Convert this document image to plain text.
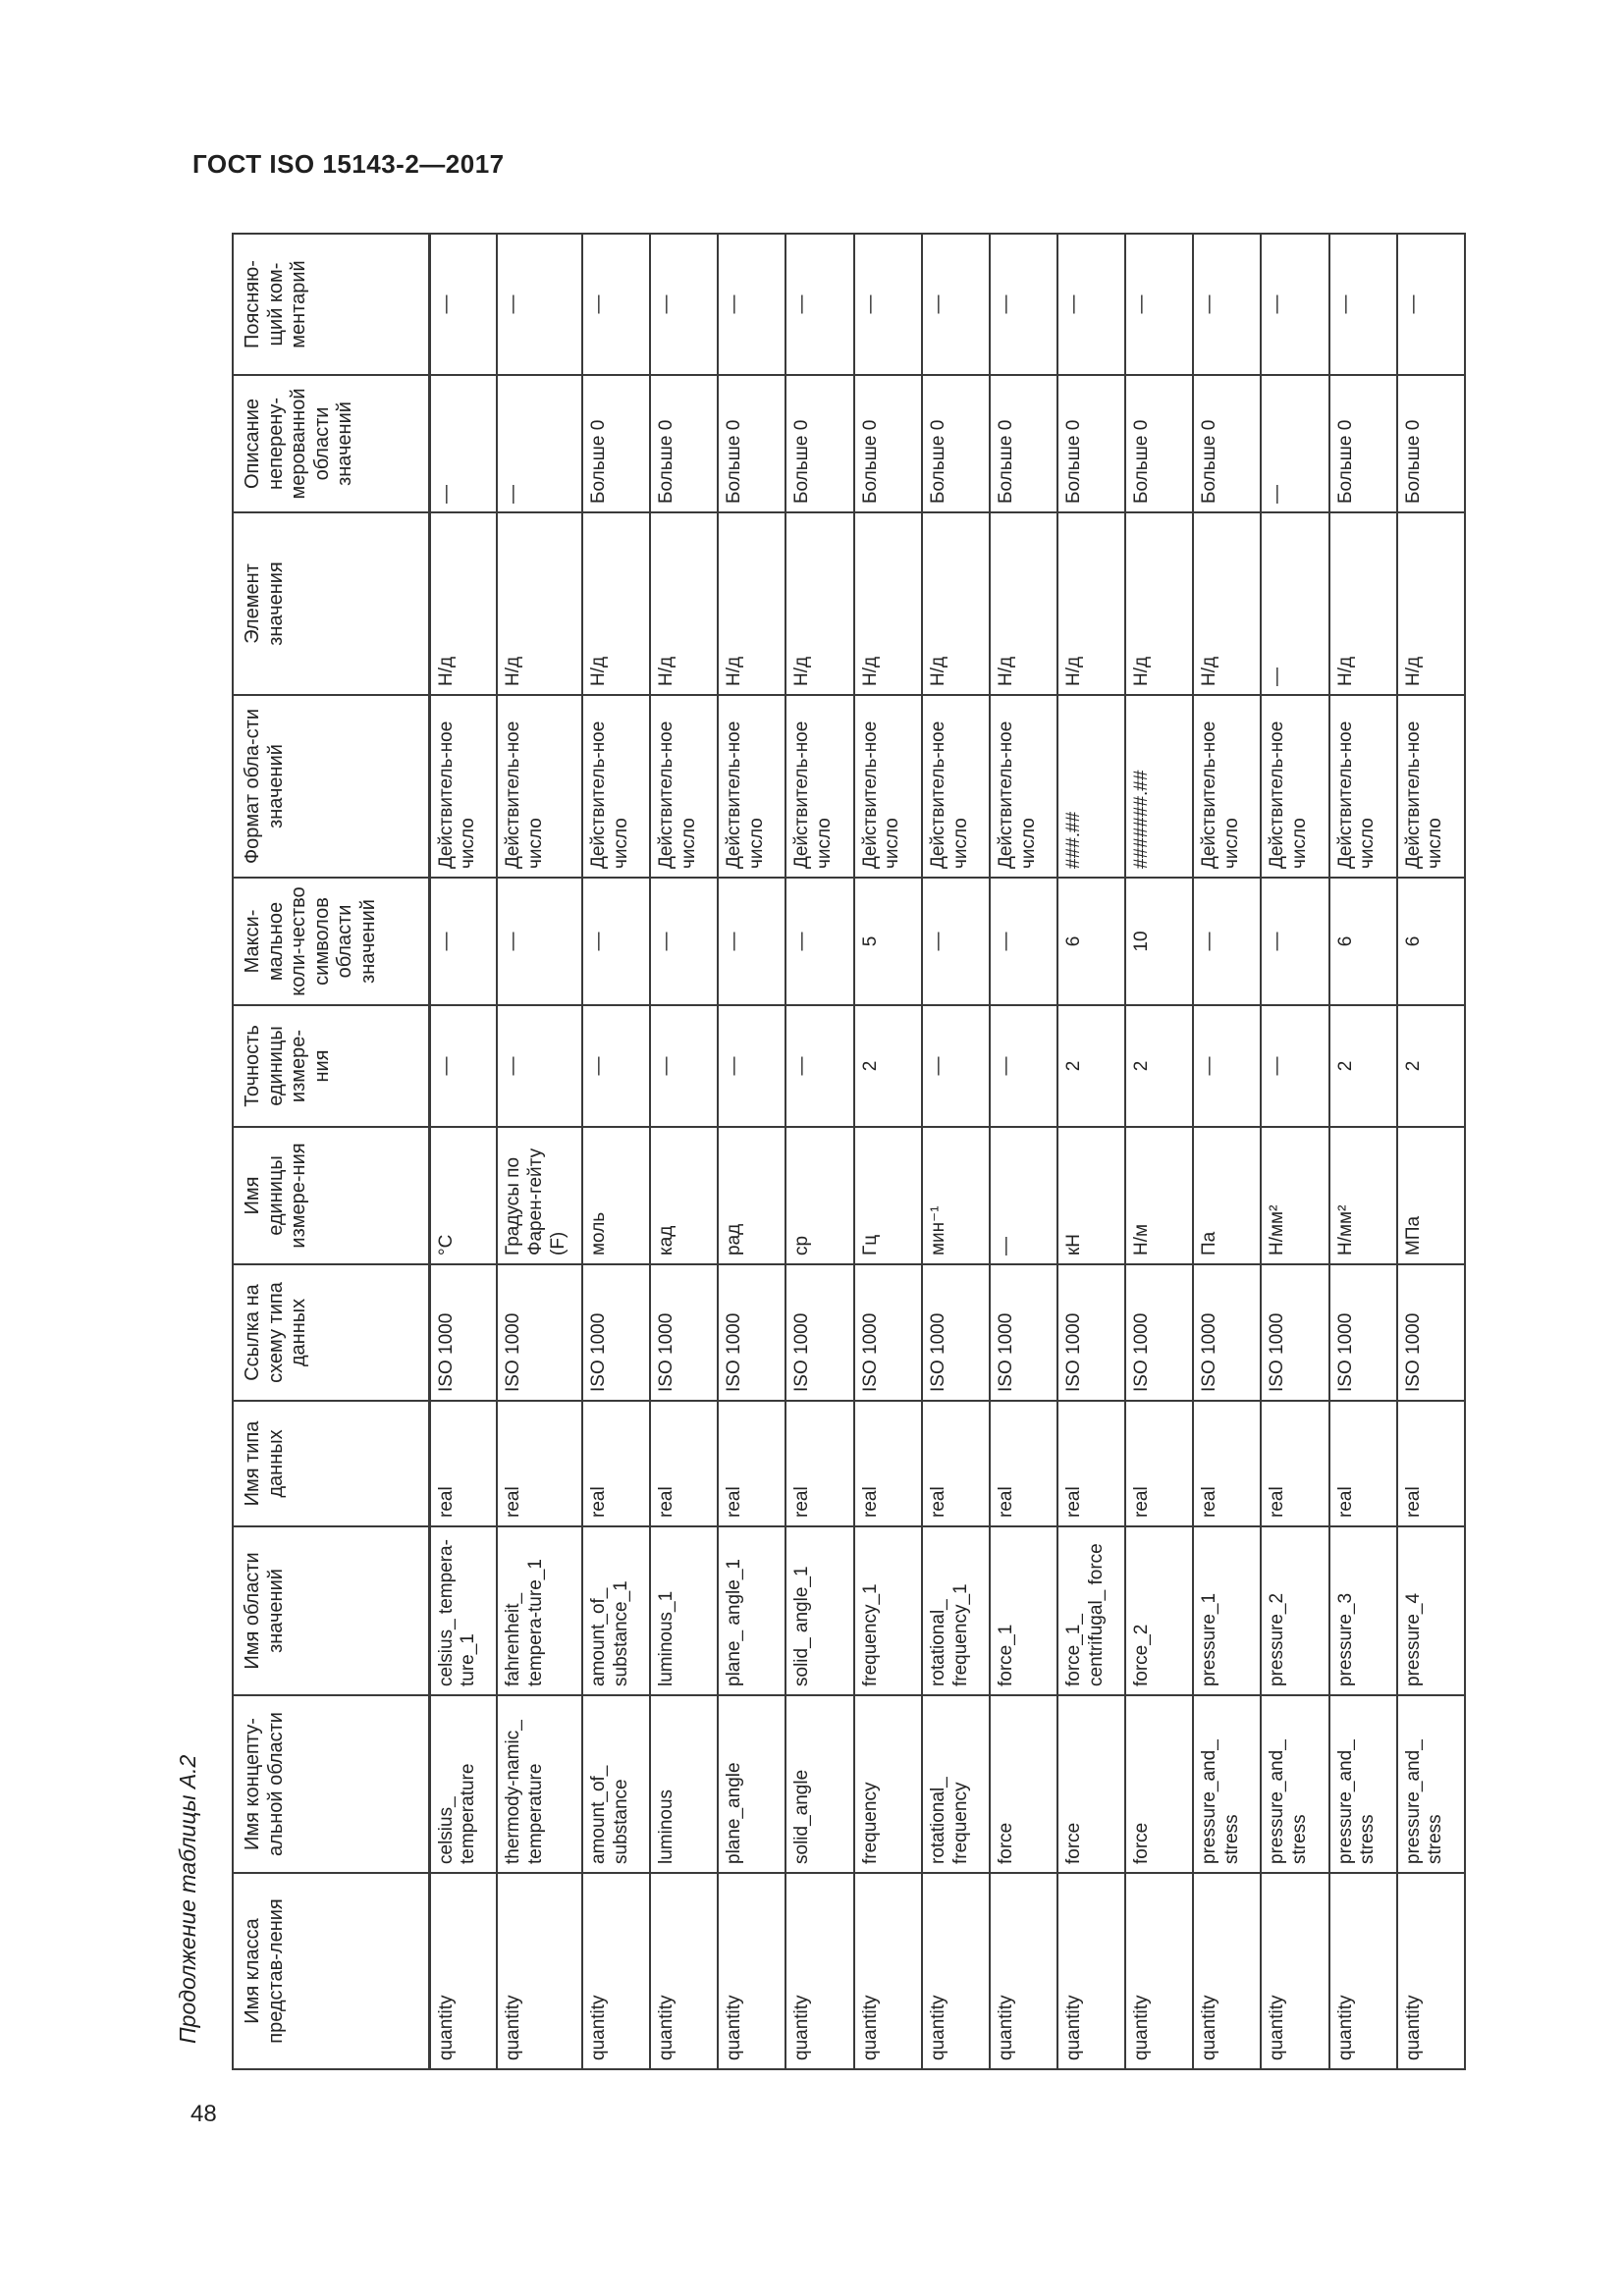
ГОСТ ISO 15143-2—2017
Продолжение таблицы А.2
48
Имя класса представ-ления	Имя концепту-альной области	Имя области значений	Имя типа данных	Ссылка на схему типа данных	Имя единицы измере-ния	Точность единицы измере-ния	Макси-мальное коли-чество символов области значений	Формат обла-сти значений	Элемент значения	Описание неперену-мерованной области значений	Поясняю-щий ком-ментарий
quantity	celsius_ temperature	celsius_ tempera-ture_1	real	ISO 1000	°C	—	—	Действитель-ное число	Н/д	—	—
quantity	thermody-namic_ temperature	fahrenheit_ tempera-ture_1	real	ISO 1000	Градусы по Фарен-гейту (F)	—	—	Действитель-ное число	Н/д	—	—
quantity	amount_of_ substance	amount_of_ substance_1	real	ISO 1000	моль	—	—	Действитель-ное число	Н/д	Больше 0	—
quantity	luminous	luminous_1	real	ISO 1000	кад	—	—	Действитель-ное число	Н/д	Больше 0	—
quantity	plane_angle	plane_ angle_1	real	ISO 1000	рад	—	—	Действитель-ное число	Н/д	Больше 0	—
quantity	solid_angle	solid_ angle_1	real	ISO 1000	ср	—	—	Действитель-ное число	Н/д	Больше 0	—
quantity	frequency	frequency_1	real	ISO 1000	Гц	2	5	Действитель-ное число	Н/д	Больше 0	—
quantity	rotational_ frequency	rotational_ frequency_1	real	ISO 1000	мин⁻¹	—	—	Действитель-ное число	Н/д	Больше 0	—
quantity	force	force_1	real	ISO 1000	—	—	—	Действитель-ное число	Н/д	Больше 0	—
quantity	force	force_1_ centrifugal_ force	real	ISO 1000	кН	2	6	###.##	Н/д	Больше 0	—
quantity	force	force_2	real	ISO 1000	Н/м	2	10	#######.##	Н/д	Больше 0	—
quantity	pressure_and_ stress	pressure_1	real	ISO 1000	Па	—	—	Действитель-ное число	Н/д	Больше 0	—
quantity	pressure_and_ stress	pressure_2	real	ISO 1000	Н/мм²	—	—	Действитель-ное число	—	—	—
quantity	pressure_and_ stress	pressure_3	real	ISO 1000	Н/мм²	2	6	Действитель-ное число	Н/д	Больше 0	—
quantity	pressure_and_ stress	pressure_4	real	ISO 1000	МПа	2	6	Действитель-ное число	Н/д	Больше 0	—
